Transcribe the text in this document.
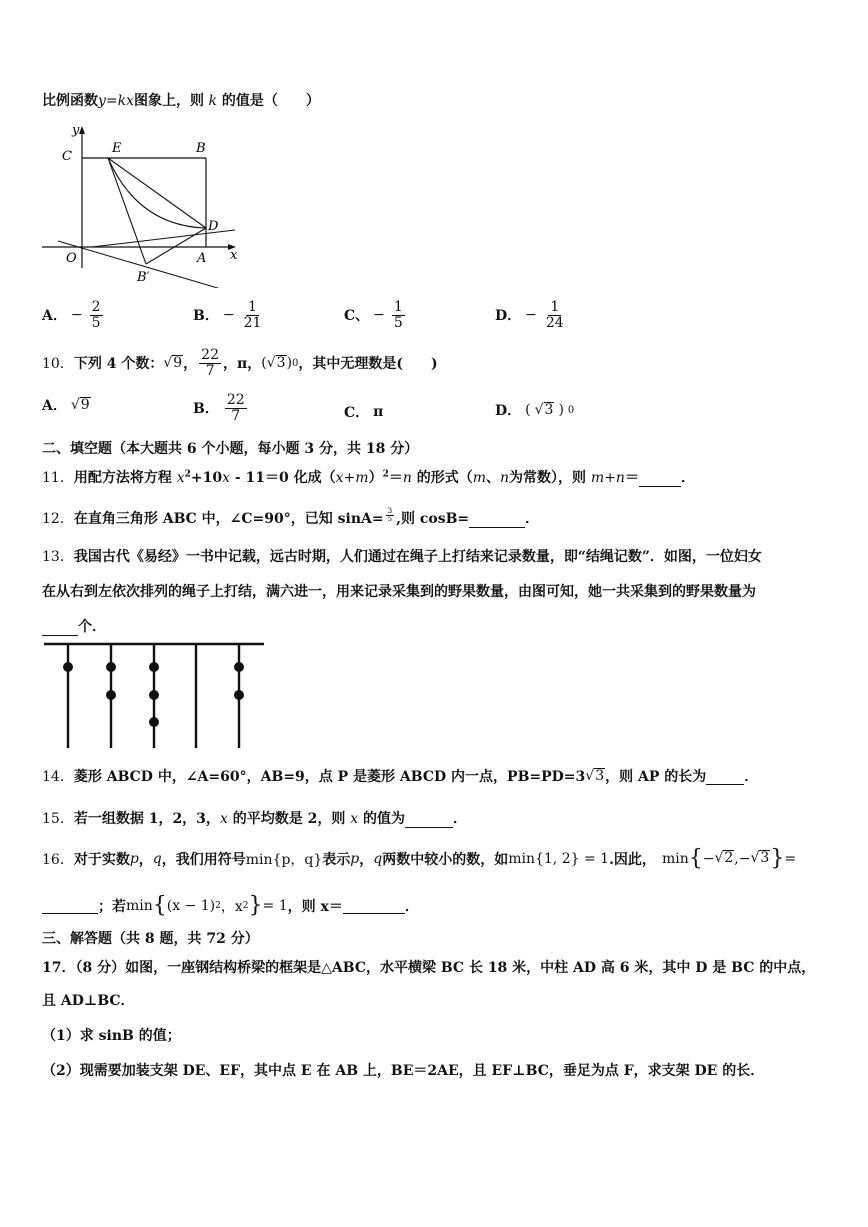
比例函数y=kx图象上，则 k 的值是（　　）
y
C
E	B
D
O	A x
B′
A． − $\frac{2}{5}$	B． − $\frac{1}{21}$	C、 − $\frac{1}{5}$	D． − $\frac{1}{24}$
10． 下列 4 个数： √ 9 ， $\frac{22}{7}$ ， π， ( √ 3 ) 0 ，其中无理数是(　　)
A． √ 9	B． $\frac{22}{7}$	C． π	D． ( √ 3 ) 0
二、填空题（本大题共 6 个小题，每小题 3 分，共 18 分）
11．用配方法将方程 $x^2+10x - 11=0$ 化成$(x+m)^2=n$ 的形式（m、n为常数），则 m+n＝	．
12．在直角三角形 ABC 中，∠C=90°，已知 $\sin A= \frac{3}{5}$ ,则 cosB=	．
13．我国古代《易经》一书中记载，远古时期，人们通过在绳子上打结来记录数量，即“结绳记数”．如图，一位妇女
在从右到左依次排列的绳子上打结，满六进一，用来记录采集到的野果数量，由图可知，她一共采集到的野果数量为
个．
14． 菱形 ABCD 中，∠A=60°，AB=9，点 P 是菱形 ABCD 内一点，PB=PD=3 √ 3 ，则 AP 的长为
	．
15．若一组数据 1，2，3，x 的平均数是 2，则 x 的值为	．
16． 对于实数 p ， q ，我们用符号 min{p，q} 表示 p ， q 两数中较小的数，如 min{1, 2} = 1 .因此， min { − √ 2 ,− √ 3 } =

；若 min { (x − 1) 2 ，x 2 } = 1 ，则 x＝
	．
三、解答题（共 8 题，共 72 分）
17．（8 分）如图，一座钢结构桥梁的框架是△ABC，水平横梁 BC 长 18 米，中柱 AD 高 6 米，其中 D 是 BC 的中点，
且 AD⊥BC．
（1）求 sinB 的值；
（2）现需要加装支架 DE、EF，其中点 E 在 AB 上，BE＝2AE，且 EF⊥BC，垂足为点 F，求支架 DE 的长．
